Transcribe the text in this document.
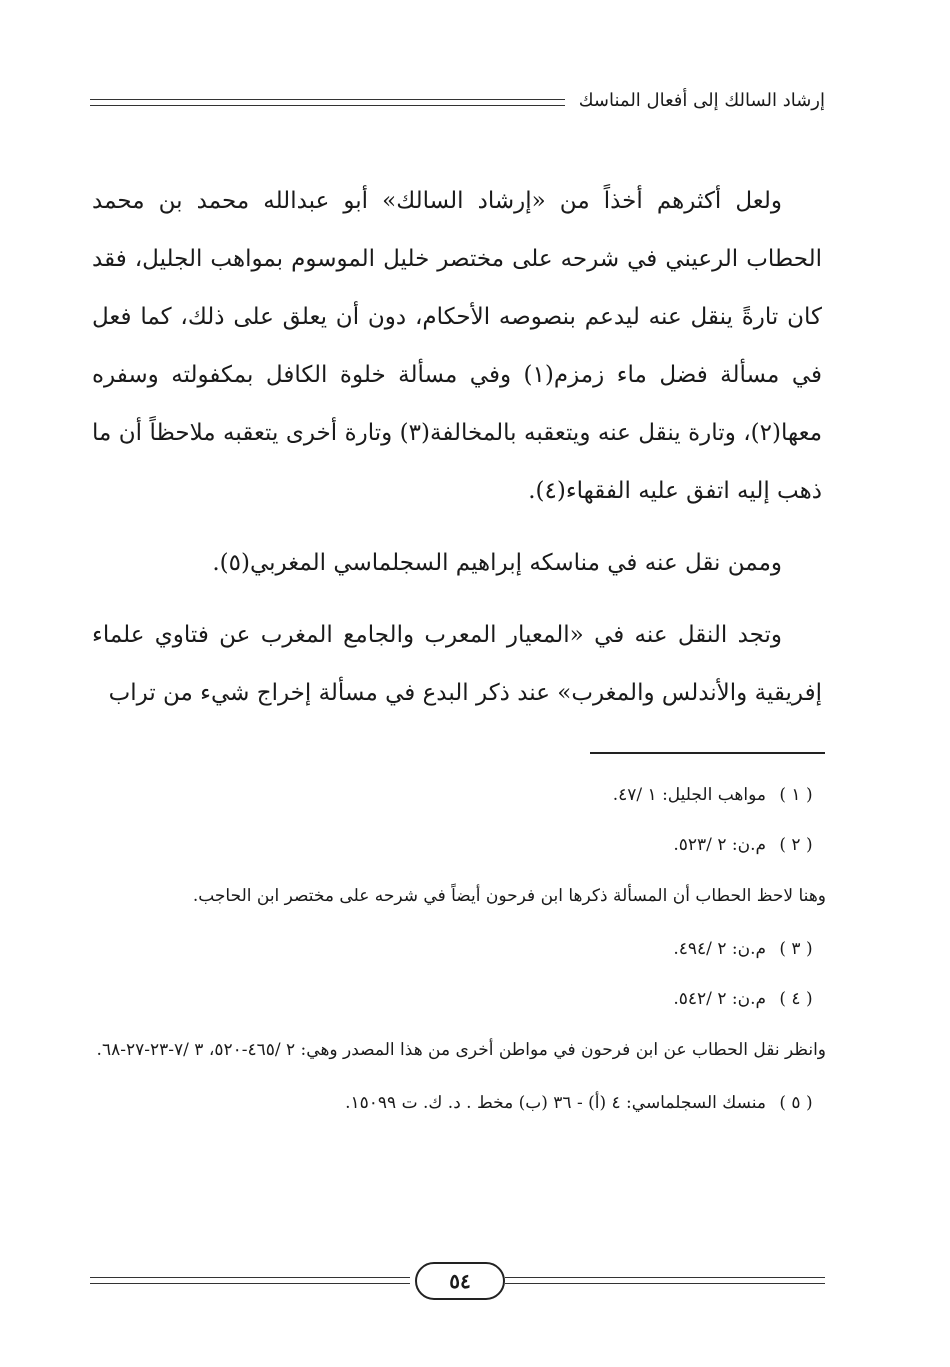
إرشاد السالك إلى أفعال المناسك

ولعل أكثرهم أخذاً من «إرشاد السالك» أبو عبدالله محمد بن محمد الحطاب الرعيني في شرحه على مختصر خليل الموسوم بمواهب الجليل، فقد كان تارةً ينقل عنه ليدعم بنصوصه الأحكام، دون أن يعلق على ذلك، كما فعل في مسألة فضل ماء زمزم(١) وفي مسألة خلوة الكافل بمكفولته وسفره معها(٢)، وتارة ينقل عنه ويتعقبه بالمخالفة(٣) وتارة أخرى يتعقبه ملاحظاً أن ما ذهب إليه اتفق عليه الفقهاء(٤).

وممن نقل عنه في مناسكه إبراهيم السجلماسي المغربي(٥).

وتجد النقل عنه في «المعيار المعرب والجامع المغرب عن فتاوي علماء إفريقية والأندلس والمغرب» عند ذكر البدع في مسألة إخراج شيء من تراب

( ١ )
مواهب الجليل: ١ /٤٧.
( ٢ )
م.ن: ٢ /٥٢٣.
وهنا لاحظ الحطاب أن المسألة ذكرها ابن فرحون أيضاً في شرحه على مختصر ابن الحاجب.
( ٣ )
م.ن: ٢ /٤٩٤.
( ٤ )
م.ن: ٢ /٥٤٢.
وانظر نقل الحطاب عن ابن فرحون في مواطن أخرى من هذا المصدر وهي: ٢ /٤٦٥-٥٢٠، ٣ /٧-٢٣-٢٧-٦٨.
( ٥ )
منسك السجلماسي: ٤ (أ) - ٣٦ (ب) مخط . د. ك. ت ١٥٠٩٩.
٥٤
